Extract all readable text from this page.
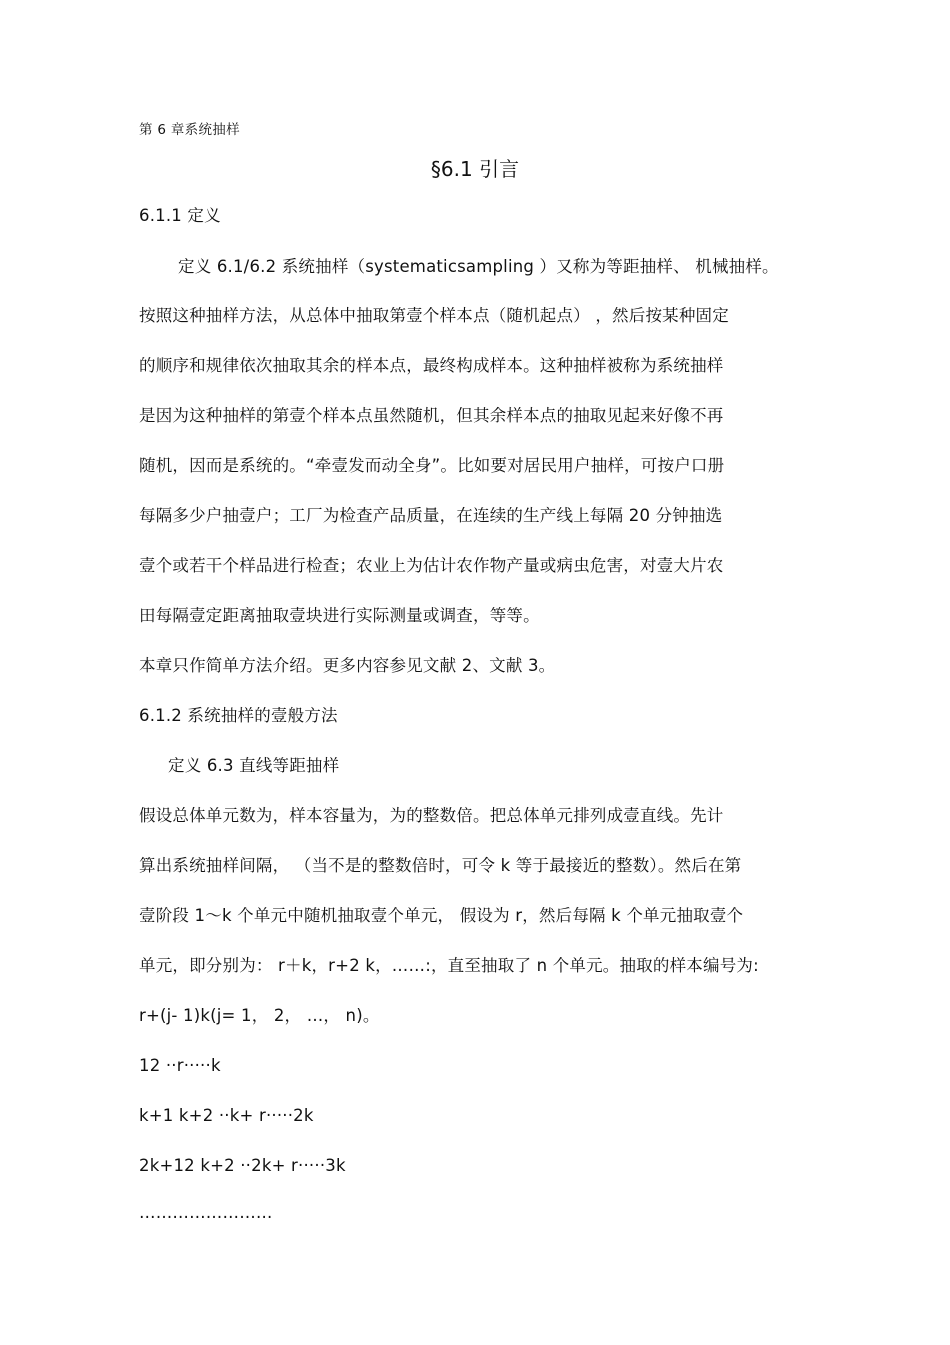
第 6 章系统抽样
§6.1 引言
6.1.1 定义
定义 6.1/6.2 系统抽样（systematicsampling ）又称为等距抽样、 机械抽样。
按照这种抽样方法，从总体中抽取第壹个样本点（随机起点） ，然后按某种固定
的顺序和规律依次抽取其余的样本点，最终构成样本。这种抽样被称为系统抽样
是因为这种抽样的第壹个样本点虽然随机，但其余样本点的抽取见起来好像不再
随机，因而是系统的。“牵壹发而动全身”。比如要对居民用户抽样，可按户口册
每隔多少户抽壹户；工厂为检查产品质量，在连续的生产线上每隔 20 分钟抽选
壹个或若干个样品进行检查；农业上为估计农作物产量或病虫危害，对壹大片农
田每隔壹定距离抽取壹块进行实际测量或调查，等等。
本章只作简单方法介绍。更多内容参见文献 2、文献 3。
6.1.2 系统抽样的壹般方法
定义 6.3 直线等距抽样
假设总体单元数为，样本容量为，为的整数倍。把总体单元排列成壹直线。先计
算出系统抽样间隔， （当不是的整数倍时，可令 k 等于最接近的整数）。然后在第
壹阶段 1～k 个单元中随机抽取壹个单元， 假设为 r，然后每隔 k 个单元抽取壹个
单元，即分别为： r＋k，r+2 k，……:，直至抽取了 n 个单元。抽取的样本编号为:
r+(j- 1)k(j= 1， 2， …， n)。
12 ··r·····k
k+1 k+2 ··k+ r·····2k
2k+12 k+2 ··2k+ r·····3k
……………………
